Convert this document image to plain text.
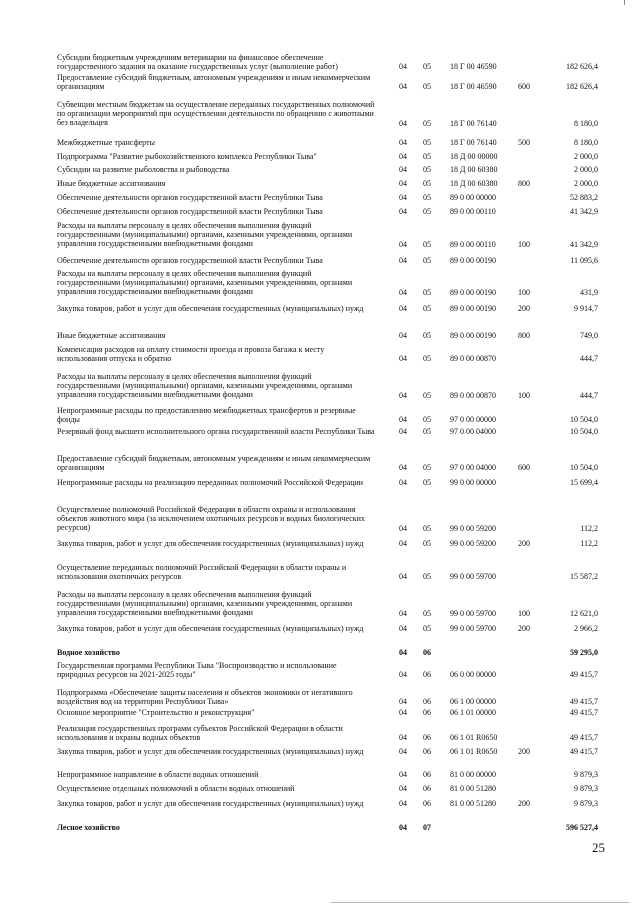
Субсидии бюджетным учреждениям ветеринарии на финансовое обеспечение государственного задания на оказание государственных услуг (выполнение работ)	04 05 18 Г 00 46590	182 626,4
Предоставление субсидий бюджетным, автономным учреждениям и иным некоммерческим организациям	04 05 18 Г 00 46590	600	182 626,4
Субвенции местным бюджетам на осуществление переданных государственных полномочий по организации мероприятий при осуществлении деятельности по обращению с животными без владельцев	04 05 18 Г 00 76140	8 180,0
Межбюджетные трансферты	04 05 18 Г 00 76140	500	8 180,0
Подпрограмма "Развитие рыбохозяйственного комплекса Республики Тыва"	04 05 18 Д 00 00000	2 000,0
Субсидии на развитие рыболовства и рыбоводства	04 05 18 Д 00 60380	2 000,0
Иные бюджетные ассигнования	04 05 18 Д 00 60380	800	2 000,0
Обеспечение деятельности органов государственной власти Республики Тыва	04 05 89 0 00 00000	52 883,2
Обеспечение деятельности органов государственной власти Республики Тыва	04 05 89 0 00 00110	41 342,9
Расходы на выплаты персоналу в целях обеспечения выполнения функций государственными (муниципальными) органами, казенными учреждениями, органами управления государственными внебюджетными фондами	04 05 89 0 00 00110	100	41 342,9
Обеспечение деятельности органов государственной власти Республики Тыва	04 05 89 0 00 00190	11 095,6
Расходы на выплаты персоналу в целях обеспечения выполнения функций государственными (муниципальными) органами, казенными учреждениями, органами управления государственными внебюджетными фондами	04 05 89 0 00 00190	100	431,9
Закупка товаров, работ и услуг для обеспечения государственных (муниципальных) нужд	04 05 89 0 00 00190	200	9 914,7
Иные бюджетные ассигнования	04 05 89 0 00 00190	800	749,0
Компенсация расходов на оплату стоимости проезда и провоза багажа к месту использования отпуска и обратно	04 05 89 0 00 00870	444,7
Расходы на выплаты персоналу в целях обеспечения выполнения функций государственными (муниципальными) органами, казенными учреждениями, органами управления государственными внебюджетными фондами	04 05 89 0 00 00870	100	444,7
Непрограммные расходы по предоставлению межбюджетных трансфертов и резервные фонды	04 05 97 0 00 00000	10 504,0
Резервный фонд высшего исполнительного органа государственной власти Республики Тыва	04 05 97 0 00 04000	10 504,0
Предоставление субсидий бюджетным, автономным учреждениям и иным некоммерческим организациям	04 05 97 0 00 04000	600	10 504,0
Непрограммные расходы на реализацию переданных полномочий Российской Федерации	04 05 99 0 00 00000	15 699,4
Осуществление полномочий Российской Федерации в области охраны и использования объектов животного мира (за исключением охотничьих ресурсов и водных биологических ресурсов)	04 05 99 0 00 59200	112,2
Закупка товаров, работ и услуг для обеспечения государственных (муниципальных) нужд	04 05 99 0 00 59200	200	112,2
Осуществление переданных полномочий Российской Федерации в области охраны и использования охотничьих ресурсов	04 05 99 0 00 59700	15 587,2
Расходы на выплаты персоналу в целях обеспечения выполнения функций государственными (муниципальными) органами, казенными учреждениями, органами управления государственными внебюджетными фондами	04 05 99 0 00 59700	100	12 621,0
Закупка товаров, работ и услуг для обеспечения государственных (муниципальных) нужд	04 05 99 0 00 59700	200	2 966,2
Водное хозяйство	04 06	59 295,0
Государственная программа Республики Тыва "Воспроизводство и использование природных ресурсов на 2021-2025 годы"	04 06 06 0 00 00000	49 415,7
Подпрограмма «Обеспечение защиты населения и объектов экономики от негативного воздействия вод на территории Республики Тыва»	04 06 06 1 00 00000	49 415,7
Основное мероприятие "Строительство и реконструкция"	04 06 06 1 01 00000	49 415,7
Реализация государственных программ субъектов Российской Федерации в области использования и охраны водных объектов	04 06 06 1 01 R0650	49 415,7
Закупка товаров, работ и услуг для обеспечения государственных (муниципальных) нужд	04 06 06 1 01 R0650	200	49 415,7
Непрограммное направление в области водных отношений	04 06 81 0 00 00000	9 879,3
Осуществление отдельных полномочий в области водных отношений	04 06 81 0 00 51280	9 879,3
Закупка товаров, работ и услуг для обеспечения государственных (муниципальных) нужд	04 06 81 0 00 51280	200	9 879,3
Лесное хозяйство	04 07	596 527,4
25
